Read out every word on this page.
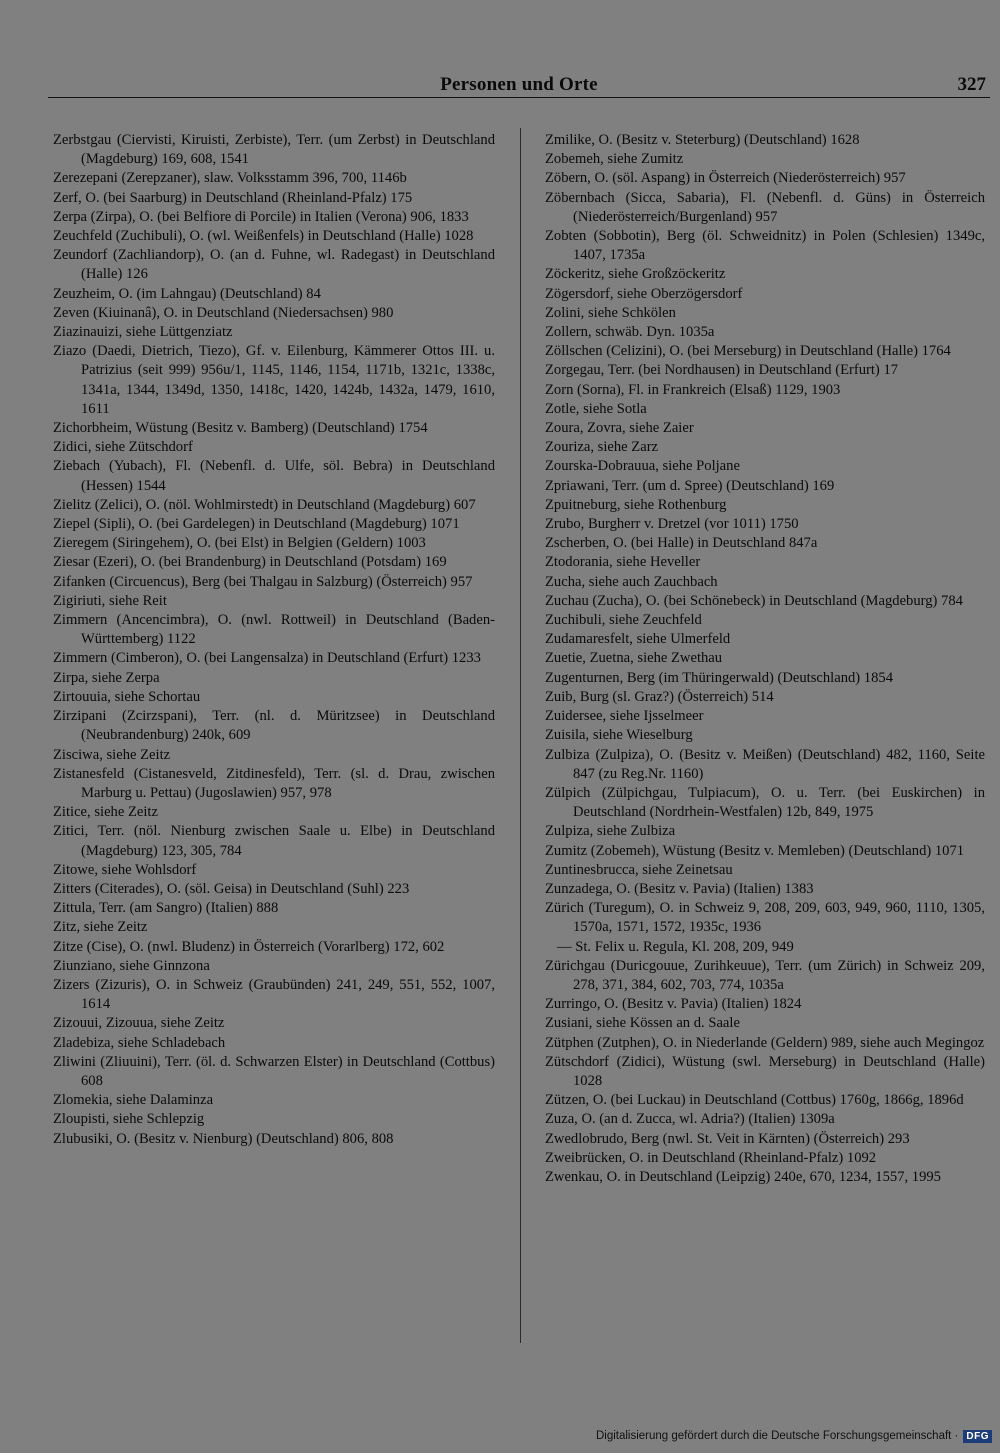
Personen und Orte	327

Zerbstgau (Ciervisti, Kiruisti, Zerbiste), Terr. (um Zerbst) in Deutschland (Magdeburg) 169, 608, 1541

Zerezepani (Zerepzaner), slaw. Volksstamm 396, 700, 1146b

Zerf, O. (bei Saarburg) in Deutschland (Rheinland-Pfalz) 175

Zerpa (Zirpa), O. (bei Belfiore di Porcile) in Italien (Verona) 906, 1833

Zeuchfeld (Zuchibuli), O. (wl. Weißenfels) in Deutschland (Halle) 1028

Zeundorf (Zachliandorp), O. (an d. Fuhne, wl. Radegast) in Deutschland (Halle) 126

Zeuzheim, O. (im Lahngau) (Deutschland) 84

Zeven (Kiuinanâ), O. in Deutschland (Niedersachsen) 980

Ziazinauizi, siehe Lüttgenziatz

Ziazo (Daedi, Dietrich, Tiezo), Gf. v. Eilenburg, Kämmerer Ottos III. u. Patrizius (seit 999) 956u/1, 1145, 1146, 1154, 1171b, 1321c, 1338c, 1341a, 1344, 1349d, 1350, 1418c, 1420, 1424b, 1432a, 1479, 1610, 1611

Zichorbheim, Wüstung (Besitz v. Bamberg) (Deutschland) 1754

Zidici, siehe Zütschdorf

Ziebach (Yubach), Fl. (Nebenfl. d. Ulfe, söl. Bebra) in Deutschland (Hessen) 1544

Zielitz (Zelici), O. (nöl. Wohlmirstedt) in Deutschland (Magdeburg) 607

Ziepel (Sipli), O. (bei Gardelegen) in Deutschland (Magdeburg) 1071

Zieregem (Siringehem), O. (bei Elst) in Belgien (Geldern) 1003

Ziesar (Ezeri), O. (bei Brandenburg) in Deutschland (Potsdam) 169

Zifanken (Circuencus), Berg (bei Thalgau in Salzburg) (Österreich) 957

Zigiriuti, siehe Reit

Zimmern (Ancencimbra), O. (nwl. Rottweil) in Deutschland (Baden-Württemberg) 1122

Zimmern (Cimberon), O. (bei Langensalza) in Deutschland (Erfurt) 1233

Zirpa, siehe Zerpa

Zirtouuia, siehe Schortau

Zirzipani (Zcirzspani), Terr. (nl. d. Müritzsee) in Deutschland (Neubrandenburg) 240k, 609

Zisciwa, siehe Zeitz

Zistanesfeld (Cistanesveld, Zitdinesfeld), Terr. (sl. d. Drau, zwischen Marburg u. Pettau) (Jugoslawien) 957, 978

Zitice, siehe Zeitz

Zitici, Terr. (nöl. Nienburg zwischen Saale u. Elbe) in Deutschland (Magdeburg) 123, 305, 784

Zitowe, siehe Wohlsdorf

Zitters (Citerades), O. (söl. Geisa) in Deutschland (Suhl) 223

Zittula, Terr. (am Sangro) (Italien) 888

Zitz, siehe Zeitz

Zitze (Cise), O. (nwl. Bludenz) in Österreich (Vorarlberg) 172, 602

Ziunziano, siehe Ginnzona

Zizers (Zizuris), O. in Schweiz (Graubünden) 241, 249, 551, 552, 1007, 1614

Zizouui, Zizouua, siehe Zeitz

Zladebiza, siehe Schladebach

Zliwini (Zliuuini), Terr. (öl. d. Schwarzen Elster) in Deutschland (Cottbus) 608

Zlomekia, siehe Dalaminza

Zloupisti, siehe Schlepzig

Zlubusiki, O. (Besitz v. Nienburg) (Deutschland) 806, 808

Zmilike, O. (Besitz v. Steterburg) (Deutschland) 1628

Zobemeh, siehe Zumitz

Zöbern, O. (söl. Aspang) in Österreich (Niederösterreich) 957

Zöbernbach (Sicca, Sabaria), Fl. (Nebenfl. d. Güns) in Österreich (Niederösterreich/Burgenland) 957

Zobten (Sobbotin), Berg (öl. Schweidnitz) in Polen (Schlesien) 1349c, 1407, 1735a

Zöckeritz, siehe Großzöckeritz

Zögersdorf, siehe Oberzögersdorf

Zolini, siehe Schkölen

Zollern, schwäb. Dyn. 1035a

Zöllschen (Celizini), O. (bei Merseburg) in Deutschland (Halle) 1764

Zorgegau, Terr. (bei Nordhausen) in Deutschland (Erfurt) 17

Zorn (Sorna), Fl. in Frankreich (Elsaß) 1129, 1903

Zotle, siehe Sotla

Zoura, Zovra, siehe Zaier

Zouriza, siehe Zarz

Zourska-Dobrauua, siehe Poljane

Zpriawani, Terr. (um d. Spree) (Deutschland) 169

Zpuitneburg, siehe Rothenburg

Zrubo, Burgherr v. Dretzel (vor 1011) 1750

Zscherben, O. (bei Halle) in Deutschland 847a

Ztodorania, siehe Heveller

Zucha, siehe auch Zauchbach

Zuchau (Zucha), O. (bei Schönebeck) in Deutschland (Magdeburg) 784

Zuchibuli, siehe Zeuchfeld

Zudamaresfelt, siehe Ulmerfeld

Zuetie, Zuetna, siehe Zwethau

Zugenturnen, Berg (im Thüringerwald) (Deutschland) 1854

Zuib, Burg (sl. Graz?) (Österreich) 514

Zuidersee, siehe Ijsselmeer

Zuisila, siehe Wieselburg

Zulbiza (Zulpiza), O. (Besitz v. Meißen) (Deutschland) 482, 1160, Seite 847 (zu Reg.Nr. 1160)

Zülpich (Zülpichgau, Tulpiacum), O. u. Terr. (bei Euskirchen) in Deutschland (Nordrhein-Westfalen) 12b, 849, 1975

Zulpiza, siehe Zulbiza

Zumitz (Zobemeh), Wüstung (Besitz v. Memleben) (Deutschland) 1071

Zuntinesbrucca, siehe Zeinetsau

Zunzadega, O. (Besitz v. Pavia) (Italien) 1383

Zürich (Turegum), O. in Schweiz 9, 208, 209, 603, 949, 960, 1110, 1305, 1570a, 1571, 1572, 1935c, 1936

— St. Felix u. Regula, Kl. 208, 209, 949

Zürichgau (Duricgouue, Zurihkeuue), Terr. (um Zürich) in Schweiz 209, 278, 371, 384, 602, 703, 774, 1035a

Zurringo, O. (Besitz v. Pavia) (Italien) 1824

Zusiani, siehe Kössen an d. Saale

Zütphen (Zutphen), O. in Niederlande (Geldern) 989, siehe auch Megingoz

Zütschdorf (Zidici), Wüstung (swl. Merseburg) in Deutschland (Halle) 1028

Zützen, O. (bei Luckau) in Deutschland (Cottbus) 1760g, 1866g, 1896d

Zuza, O. (an d. Zucca, wl. Adria?) (Italien) 1309a

Zwedlobrudo, Berg (nwl. St. Veit in Kärnten) (Österreich) 293

Zweibrücken, O. in Deutschland (Rheinland-Pfalz) 1092

Zwenkau, O. in Deutschland (Leipzig) 240e, 670, 1234, 1557, 1995

Digitalisierung gefördert durch die Deutsche Forschungsgemeinschaft · DFG
